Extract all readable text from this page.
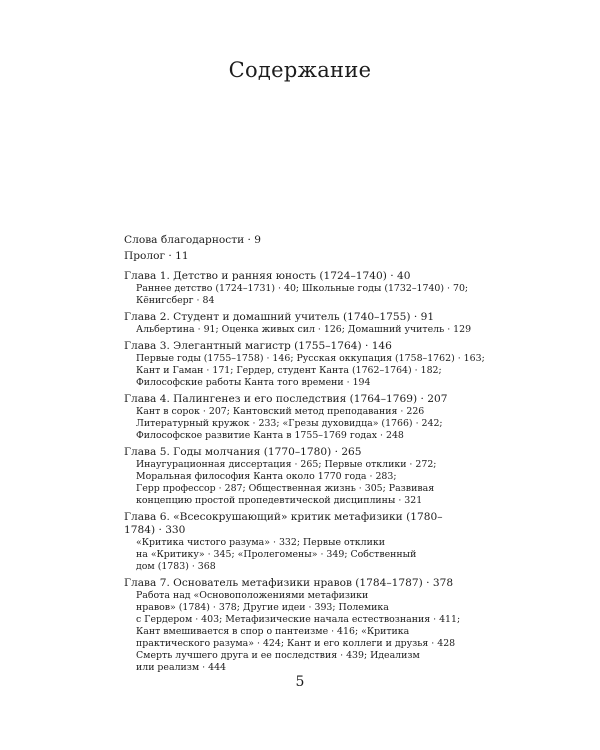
Содержание
Слова благодарности · 9
Пролог · 11
Глава 1. Детство и ранняя юность (1724–1740) · 40
Раннее детство (1724–1731) · 40; Школьные годы (1732–1740) · 70;
Кёнигсберг · 84
Глава 2. Студент и домашний учитель (1740–1755) · 91
Альбертина · 91; Оценка живых сил · 126; Домашний учитель · 129
Глава 3. Элегантный магистр (1755–1764) · 146
Первые годы (1755–1758) · 146; Русская оккупация (1758–1762) · 163;
Кант и Гаман · 171; Гердер, студент Канта (1762–1764) · 182;
Философские работы Канта того времени · 194
Глава 4. Палингенез и его последствия (1764–1769) · 207
Кант в сорок · 207; Кантовский метод преподавания · 226
Литературный кружок · 233; «Грезы духовидца» (1766) · 242;
Философское развитие Канта в 1755–1769 годах · 248
Глава 5. Годы молчания (1770–1780) · 265
Инаугурационная диссертация · 265; Первые отклики · 272;
Моральная философия Канта около 1770 года · 283;
Герр профессор · 287; Общественная жизнь · 305; Развивая
концепцию простой пропедевтической дисциплины · 321
Глава 6. «Всесокрушающий» критик метафизики (1780–1784) · 330
«Критика чистого разума» · 332; Первые отклики
на «Критику» · 345; «Пролегомены» · 349; Собственный
дом (1783) · 368
Глава 7. Основатель метафизики нравов (1784–1787) · 378
Работа над «Основоположениями метафизики
нравов» (1784) · 378; Другие идеи · 393; Полемика
с Гердером · 403; Метафизические начала естествознания · 411;
Кант вмешивается в спор о пантеизме · 416; «Критика
практического разума» · 424; Кант и его коллеги и друзья · 428
Смерть лучшего друга и ее последствия · 439; Идеализм
или реализм · 444
5
